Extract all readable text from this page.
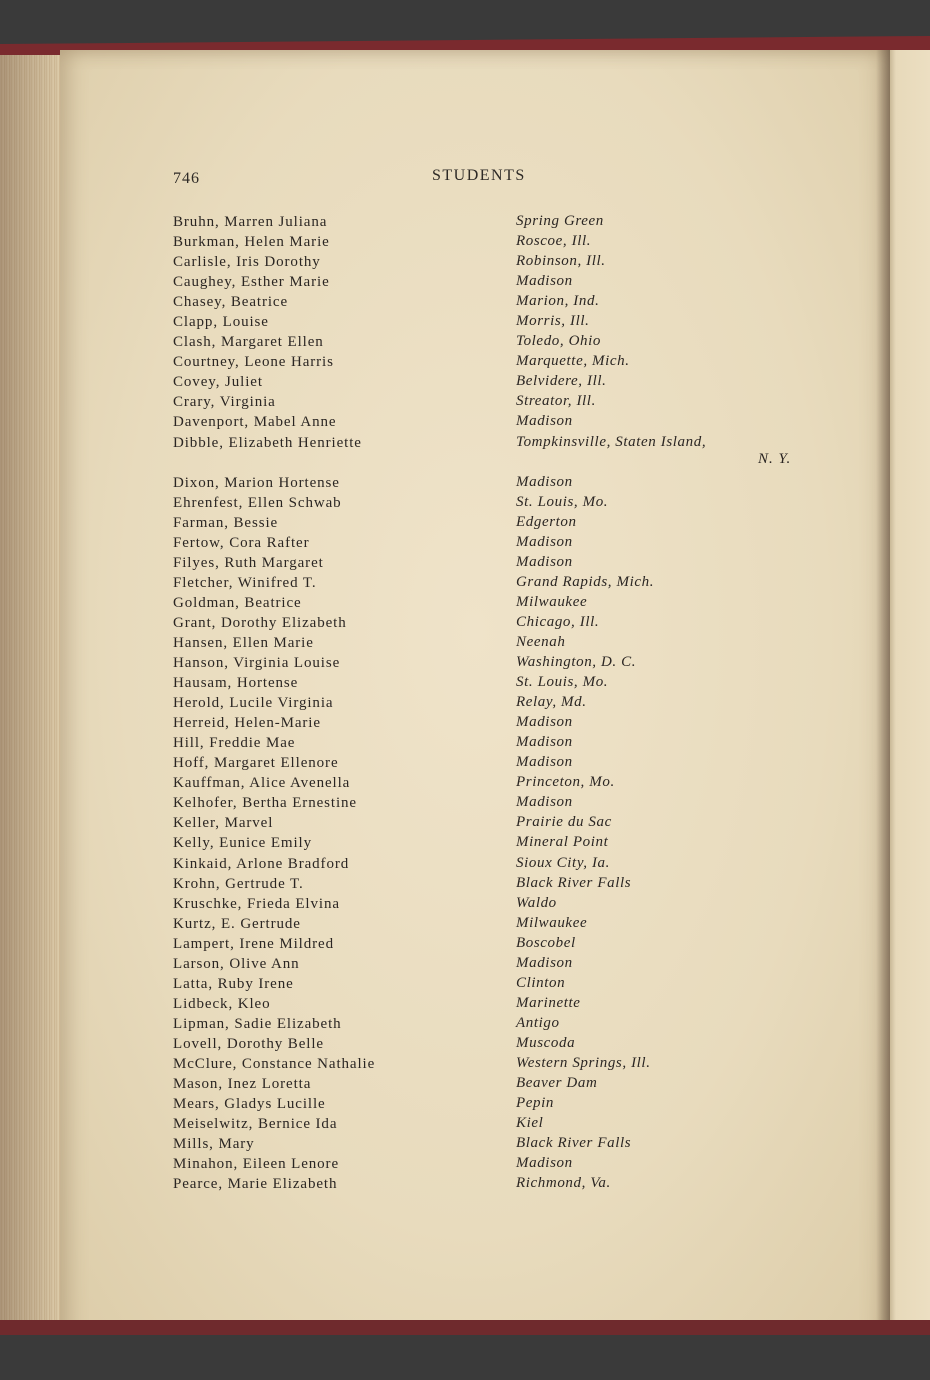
746	STUDENTS
Bruhn, Marren Juliana
Burkman, Helen Marie
Carlisle, Iris Dorothy
Caughey, Esther Marie
Chasey, Beatrice
Clapp, Louise
Clash, Margaret Ellen
Courtney, Leone Harris
Covey, Juliet
Crary, Virginia
Davenport, Mabel Anne
Dibble, Elizabeth Henriette
Dixon, Marion Hortense
Ehrenfest, Ellen Schwab
Farman, Bessie
Fertow, Cora Rafter
Filyes, Ruth Margaret
Fletcher, Winifred T.
Goldman, Beatrice
Grant, Dorothy Elizabeth
Hansen, Ellen Marie
Hanson, Virginia Louise
Hausam, Hortense
Herold, Lucile Virginia
Herreid, Helen-Marie
Hill, Freddie Mae
Hoff, Margaret Ellenore
Kauffman, Alice Avenella
Kelhofer, Bertha Ernestine
Keller, Marvel
Kelly, Eunice Emily
Kinkaid, Arlone Bradford
Krohn, Gertrude T.
Kruschke, Frieda Elvina
Kurtz, E. Gertrude
Lampert, Irene Mildred
Larson, Olive Ann
Latta, Ruby Irene
Lidbeck, Kleo
Lipman, Sadie Elizabeth
Lovell, Dorothy Belle
McClure, Constance Nathalie
Mason, Inez Loretta
Mears, Gladys Lucille
Meiselwitz, Bernice Ida
Mills, Mary
Minahon, Eileen Lenore
Pearce, Marie Elizabeth
Spring Green
Roscoe, Ill.
Robinson, Ill.
Madison
Marion, Ind.
Morris, Ill.
Toledo, Ohio
Marquette, Mich.
Belvidere, Ill.
Streator, Ill.
Madison
Tompkinsville, Staten Island,
Madison
St. Louis, Mo.
Edgerton
Madison
Madison
Grand Rapids, Mich.
Milwaukee
Chicago, Ill.
Neenah
Washington, D. C.
St. Louis, Mo.
Relay, Md.
Madison
Madison
Madison
Princeton, Mo.
Madison
Prairie du Sac
Mineral Point
Sioux City, Ia.
Black River Falls
Waldo
Milwaukee
Boscobel
Madison
Clinton
Marinette
Antigo
Muscoda
Western Springs, Ill.
Beaver Dam
Pepin
Kiel
Black River Falls
Madison
Richmond, Va.
N. Y.
